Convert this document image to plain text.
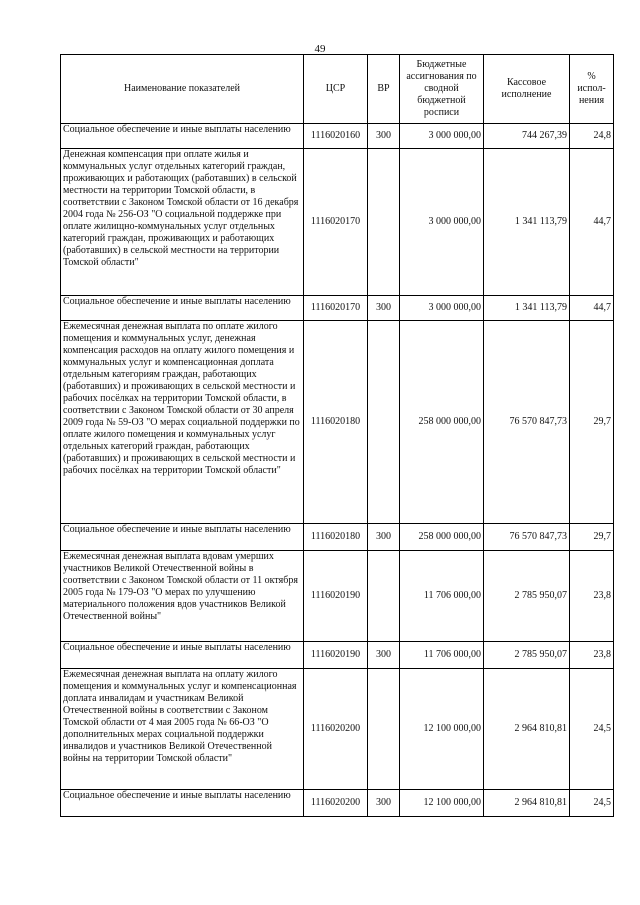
49
Наименование показателей	ЦСР	ВР	Бюджетные ассигнования по сводной бюджетной росписи	Кассовое исполнение	% испол-нения

Социальное обеспечение и иные выплаты населению	1116020160	300	3 000 000,00	744 267,39	24,8

Денежная компенсация при оплате жилья и коммунальных услуг отдельных категорий граждан, проживающих и работающих (работавших) в сельской местности на территории Томской области, в соответствии с Законом Томской области от 16 декабря 2004 года № 256-ОЗ "О социальной поддержке при оплате жилищно-коммунальных услуг отдельных категорий граждан, проживающих и работающих (работавших) в сельской местности на территории Томской области"	1116020170		3 000 000,00	1 341 113,79	44,7

Социальное обеспечение и иные выплаты населению	1116020170	300	3 000 000,00	1 341 113,79	44,7

Ежемесячная денежная выплата по оплате жилого помещения и коммунальных услуг, денежная компенсация расходов на оплату жилого помещения и коммунальных услуг и компенсационная доплата отдельным категориям граждан, работающих (работавших) и проживающих в сельской местности и рабочих посёлках на территории Томской области, в соответствии с Законом Томской области от 30 апреля 2009 года № 59-ОЗ "О мерах социальной поддержки по оплате жилого помещения и коммунальных услуг отдельных категорий граждан, работающих (работавших) и проживающих в сельской местности и рабочих посёлках на территории Томской области"	1116020180		258 000 000,00	76 570 847,73	29,7

Социальное обеспечение и иные выплаты населению	1116020180	300	258 000 000,00	76 570 847,73	29,7

Ежемесячная денежная выплата вдовам умерших участников Великой Отечественной войны в соответствии с Законом Томской области от 11 октября 2005 года № 179-ОЗ "О мерах по улучшению материального положения вдов участников Великой Отечественной войны"	1116020190		11 706 000,00	2 785 950,07	23,8

Социальное обеспечение и иные выплаты населению	1116020190	300	11 706 000,00	2 785 950,07	23,8

Ежемесячная денежная выплата на оплату жилого помещения и коммунальных услуг и компенсационная доплата инвалидам и участникам Великой Отечественной войны в соответствии с Законом Томской области от 4 мая 2005 года № 66-ОЗ "О дополнительных мерах социальной поддержки инвалидов и участников Великой Отечественной войны на территории Томской области"	1116020200		12 100 000,00	2 964 810,81	24,5

Социальное обеспечение и иные выплаты населению	1116020200	300	12 100 000,00	2 964 810,81	24,5
